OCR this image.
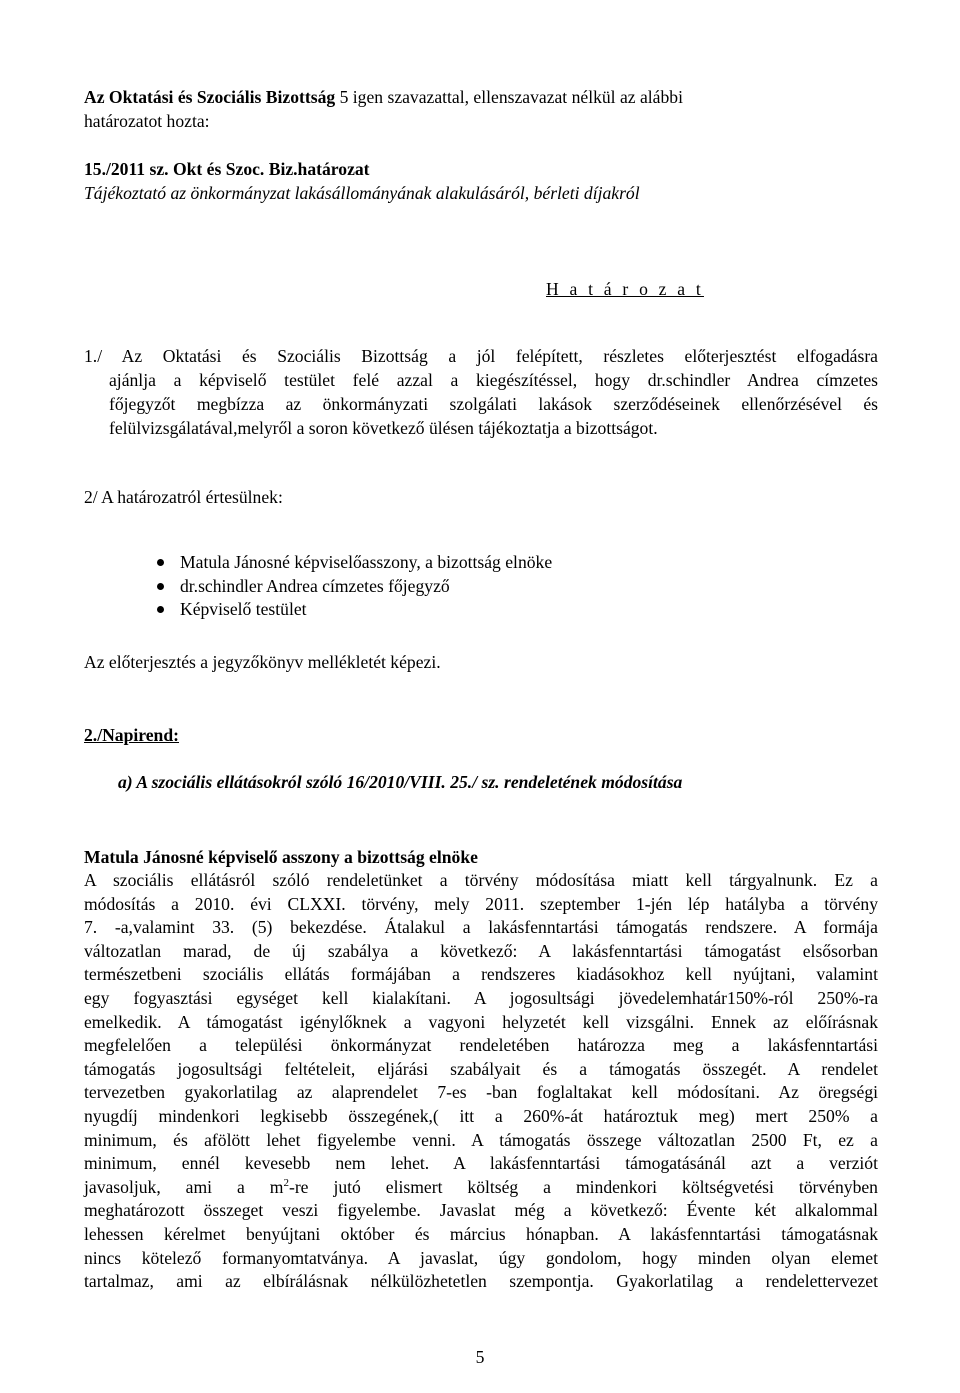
Az Oktatási és Szociális Bizottság 5 igen szavazattal, ellenszavazat nélkül az alábbi
határozatot hozta:
15./2011 sz. Okt és Szoc. Biz.határozat
Tájékoztató az önkormányzat lakásállományának alakulásáról, bérleti díjakról
H a t á r o z a t
1./ Az Oktatási és Szociális Bizottság a jól felépített, részletes előterjesztést elfogadásra
ajánlja a képviselő testület felé azzal a kiegészítéssel, hogy dr.schindler Andrea címzetes
főjegyzőt megbízza az önkormányzati szolgálati lakások szerződéseinek ellenőrzésével és
felülvizsgálatával,melyről a soron következő ülésen tájékoztatja a bizottságot.
2/ A határozatról értesülnek:
Matula Jánosné képviselőasszony, a bizottság elnöke
dr.schindler Andrea címzetes főjegyző
Képviselő testület
Az előterjesztés a jegyzőkönyv mellékletét képezi.
2./Napirend:
a) A szociális ellátásokról szóló 16/2010/VIII. 25./ sz. rendeletének módosítása
Matula Jánosné képviselő asszony a bizottság elnöke
A szociális ellátásról szóló rendeletünket a törvény módosítása miatt kell tárgyalnunk. Ez a
módosítás a 2010. évi CLXXI. törvény, mely 2011. szeptember 1-jén lép hatályba a törvény
7. -a,valamint 33. (5) bekezdése. Átalakul a lakásfenntartási támogatás rendszere. A formája
változatlan marad, de új szabálya a következő: A lakásfenntartási támogatást elsősorban
természetbeni szociális ellátás formájában a rendszeres kiadásokhoz kell nyújtani, valamint
egy fogyasztási egységet kell kialakítani. A jogosultsági jövedelemhatár150%-ról 250%-ra
emelkedik. A támogatást igénylőknek a vagyoni helyzetét kell vizsgálni. Ennek az előírásnak
megfelelően a települési önkormányzat rendeletében határozza meg a lakásfenntartási
támogatás jogosultsági feltételeit, eljárási szabályait és a támogatás összegét. A rendelet
tervezetben gyakorlatilag az alaprendelet 7-es -ban foglaltakat kell módosítani. Az öregségi
nyugdíj mindenkori legkisebb összegének,( itt a 260%-át határoztuk meg) mert 250% a
minimum, és afölött lehet figyelembe venni. A támogatás összege változatlan 2500 Ft, ez a
minimum, ennél kevesebb nem lehet. A lakásfenntartási támogatásánál azt a verziót
javasoljuk, ami a $m^2-re$ jutó elismert költség a mindenkori költségvetési törvényben
meghatározott összeget veszi figyelembe. Javaslat még a következő: Évente két alkalommal
lehessen kérelmet benyújtani október és március hónapban. A lakásfenntartási támogatásnak
nincs kötelező formanyomtatványa. A javaslat, úgy gondolom, hogy minden olyan elemet
tartalmaz, ami az elbírálásnak nélkülözhetetlen szempontja. Gyakorlatilag a rendelettervezet
5
